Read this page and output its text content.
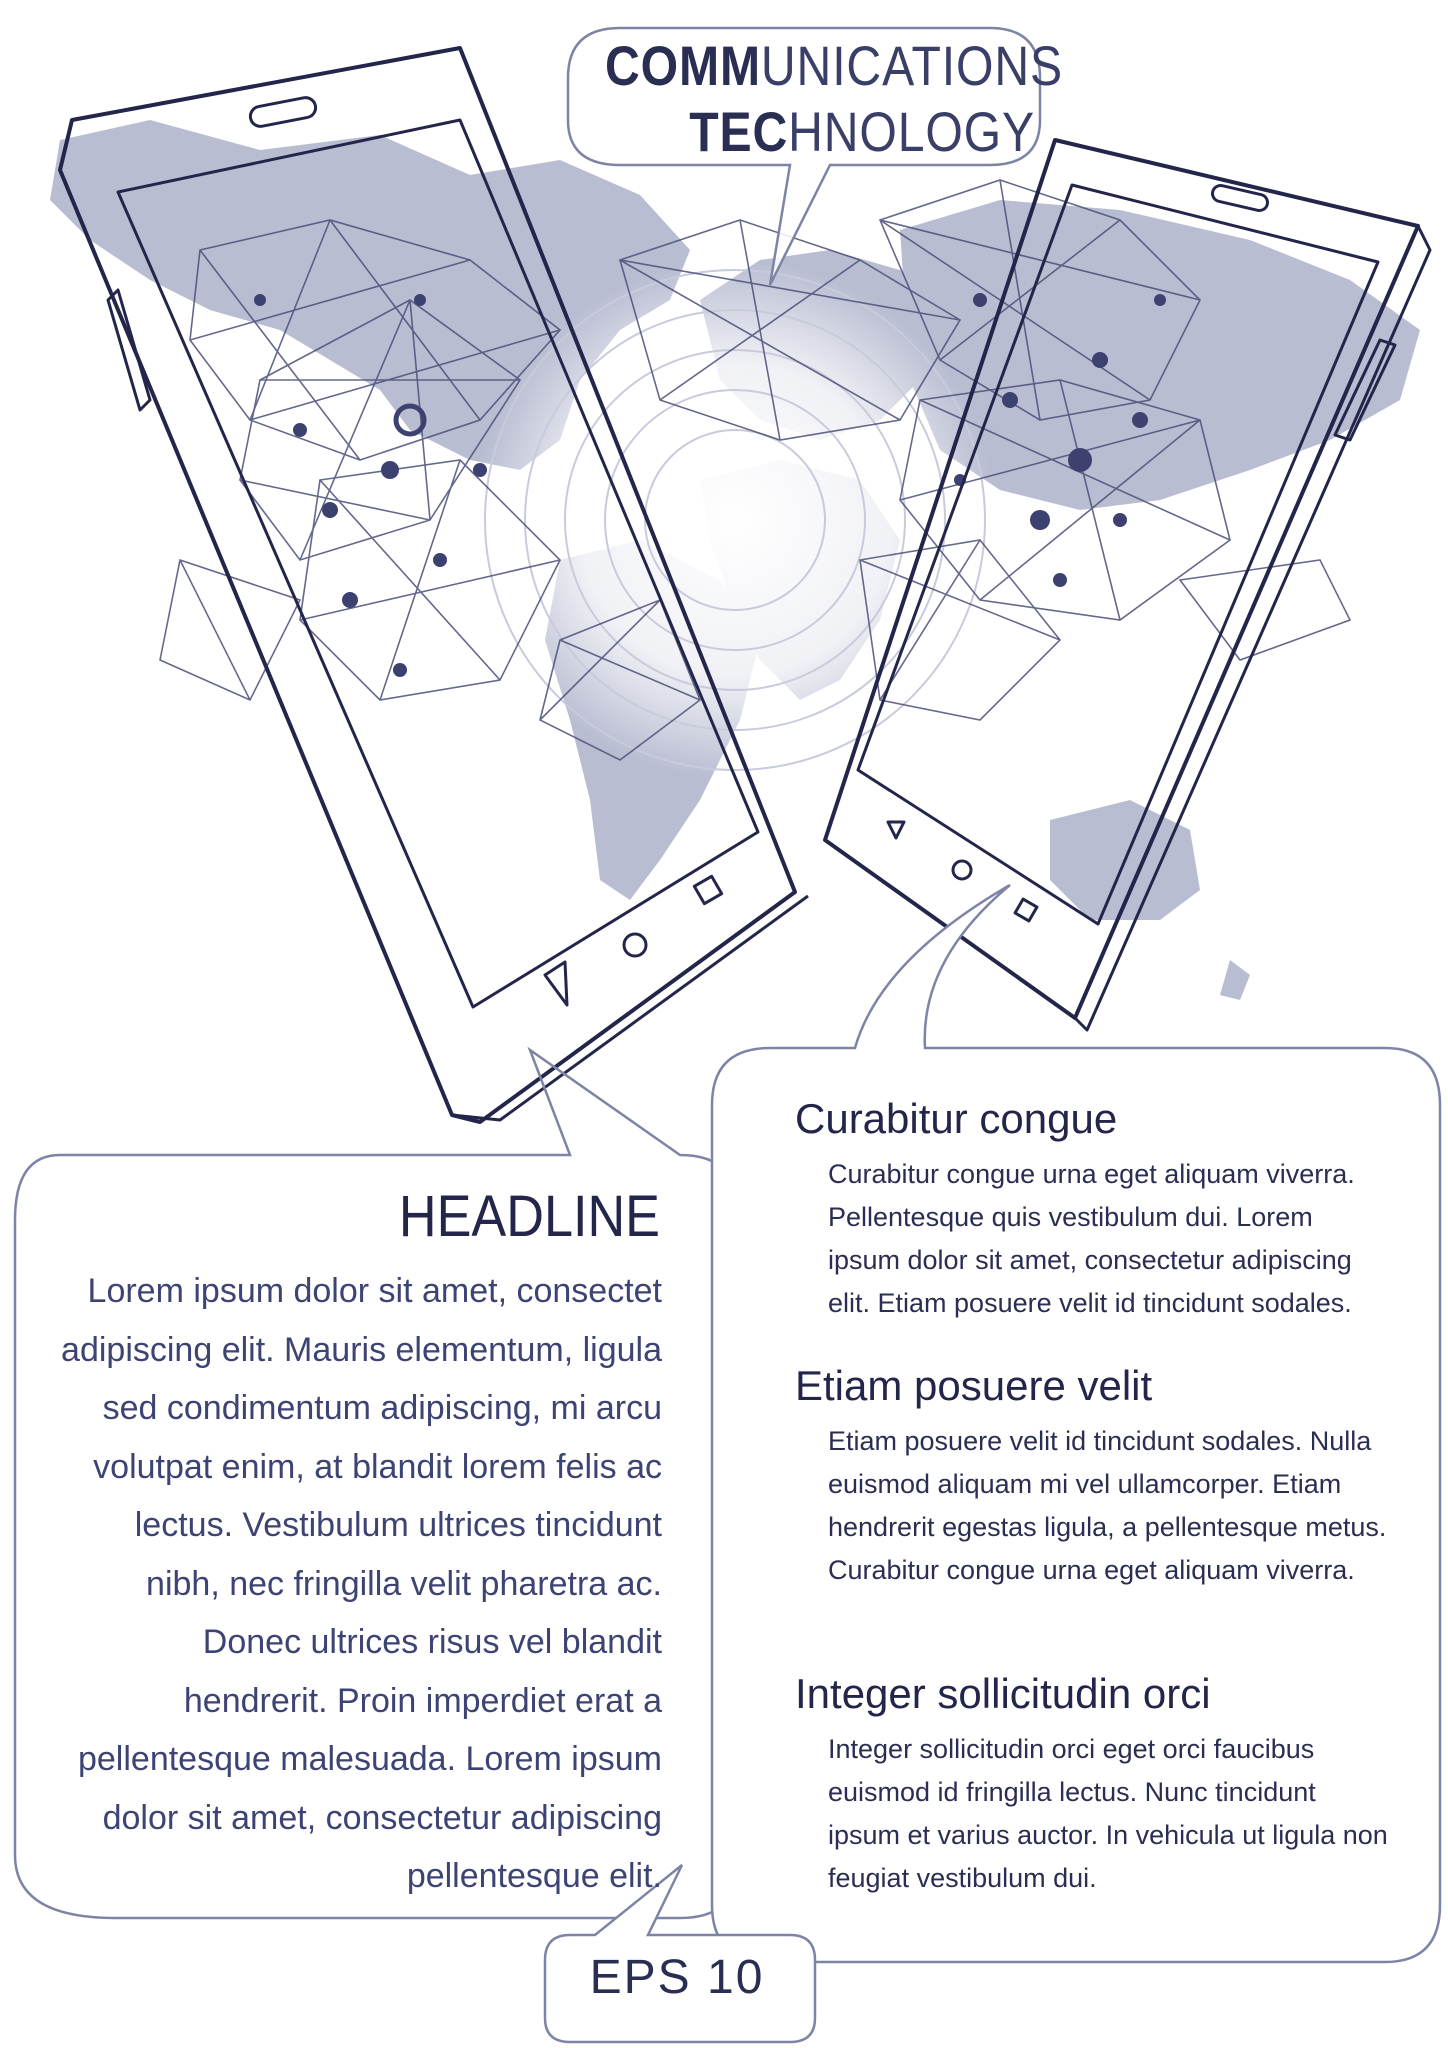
COMMUNICATIONS
TECHNOLOGY
HEADLINE
Lorem ipsum dolor sit amet, consectet adipiscing elit. Mauris elementum, ligula sed condimentum adipiscing, mi arcu volutpat enim, at blandit lorem felis ac lectus. Vestibulum ultrices tincidunt nibh, nec fringilla velit pharetra ac. Donec ultrices risus vel blandit hendrerit. Proin imperdiet erat a pellentesque malesuada. Lorem ipsum dolor sit amet, consectetur adipiscing pellentesque elit.
Curabitur congue
Curabitur congue urna eget aliquam viverra. Pellentesque quis vestibulum dui. Lorem ipsum dolor sit amet, consectetur adipiscing elit. Etiam posuere velit id tincidunt sodales.
Etiam posuere velit
Etiam posuere velit id tincidunt sodales. Nulla euismod aliquam mi vel ullamcorper. Etiam hendrerit egestas ligula, a pellentesque metus. Curabitur congue urna eget aliquam viverra.
Integer sollicitudin orci
Integer sollicitudin orci eget orci faucibus euismod id fringilla lectus. Nunc tincidunt ipsum et varius auctor. In vehicula ut ligula non feugiat vestibulum dui.
EPS 10
